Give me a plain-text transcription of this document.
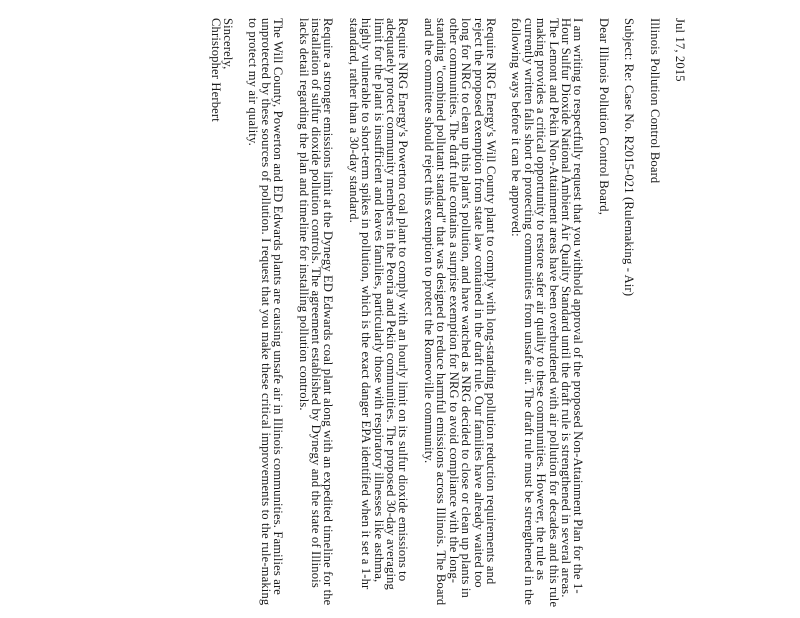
Jul 17, 2015

Illinois Pollution Control Board

Subject: Re: Case No. R2015-021 (Rulemaking - Air)

Dear Illinois Pollution Control Board,

I am writing to respectfully request that you withhold approval of the proposed Non-Attainment Plan for the 1-Hour Sulfur Dioxide National Ambient Air Quality Standard until the draft rule is strengthened in several areas. The Lemont and Pekin Non-Attainment areas have been overburdened with air pollution for decades and this rule making provides a critical opportunity to restore safer air quality to these communities. However, the rule as currently written falls short of protecting communities from unsafe air. The draft rule must be strengthened in the following ways before it can be approved:

Require NRG Energy's Will County plant to comply with long-standing pollution reduction requirements and reject the proposed exemption from state law contained in the draft rule. Our families have already waited too long for NRG to clean up this plant's pollution, and have watched as NRG decided to close or clean up plants in other communities. The draft rule contains a surprise exemption for NRG to avoid compliance with the long-standing "combined pollutant standard" that was designed to reduce harmful emissions across Illinois. The Board and the committee should reject this exemption to protect the Romeoville community.

Require NRG Energy's Powerton coal plant to comply with an hourly limit on its sulfur dioxide emissions to adequately protect community members in the Peoria and Pekin communities. The proposed 30-day averaging limit for the plant is insufficient and leaves families, particularly those with respiratory illnesses like asthma, highly vulnerable to short-term spikes in pollution, which is the exact danger EPA identified when it set a 1-hr standard, rather than a 30-day standard.

Require a stronger emissions limit at the Dynegy ED Edwards coal plant along with an expedited timeline for the installation of sulfur dioxide pollution controls. The agreement established by Dynegy and the state of Illinois lacks detail regarding the plan and timeline for installing pollution controls.

The Will County, Powerton and ED Edwards plants are causing unsafe air in Illinois communities. Families are unprotected by these sources of pollution. I request that you make these critical improvements to the rule-making to protect my air quality.

Sincerely,

Christopher Herbert
